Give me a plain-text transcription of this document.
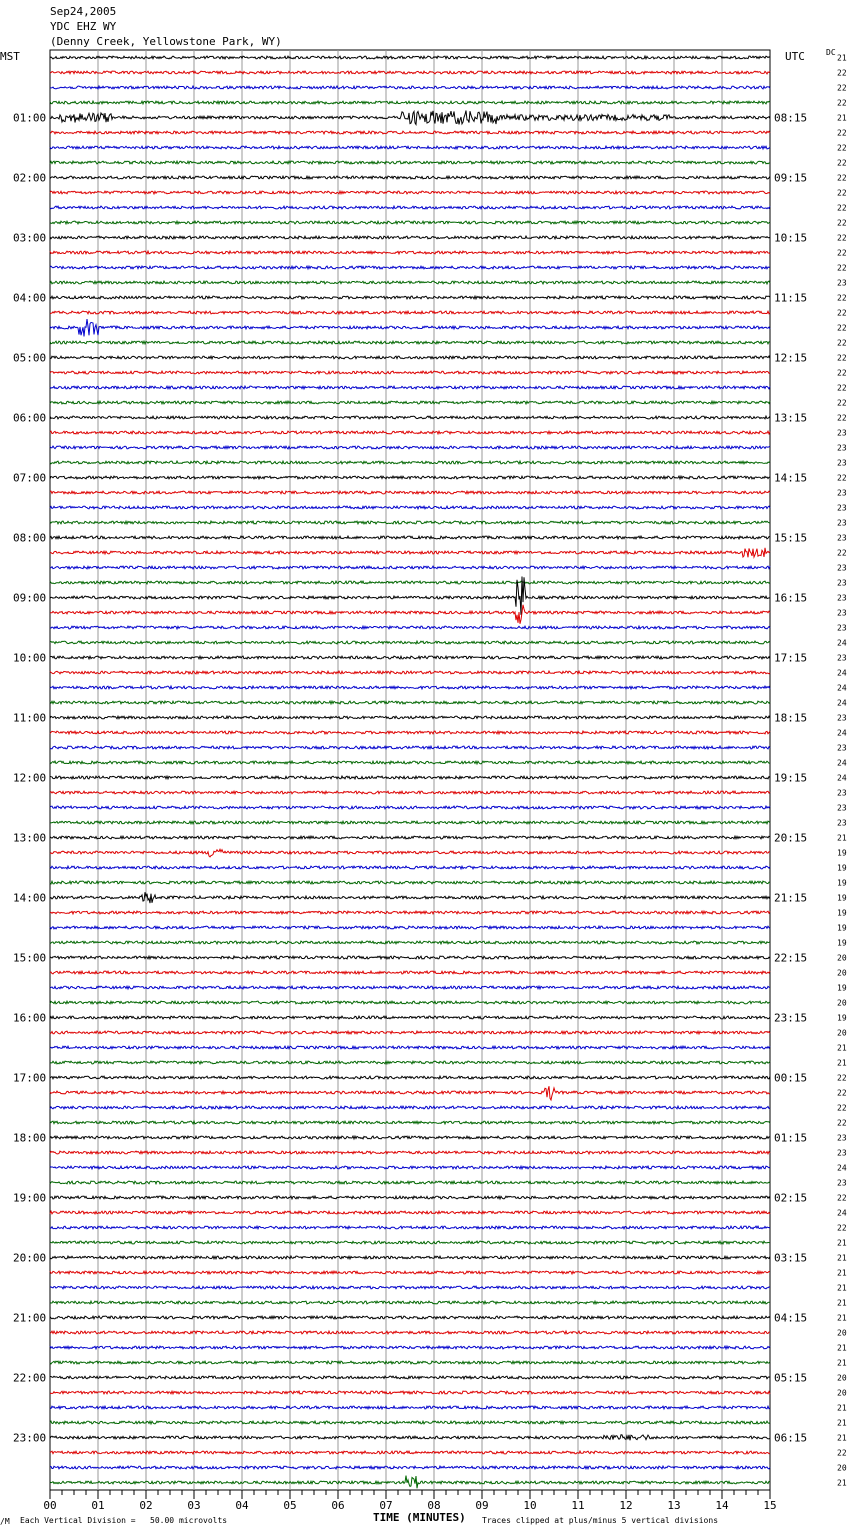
Sep24,2005
YDC EHZ WY
(Denny Creek, Yellowstone Park, WY)
MST	UTC	DC
21
22
22
22
21
22
22
22
22
22
22
22
22
22
22
23
22
22
22
22
22
22
22
22
22
23
23
23
22
23
23
23
23
22
23
23
23
23
23
24
23
24
24
24
23
24
23
24
24
23
23
23
21
19
19
19
19
19
19
19
20
20
19
20
19
20
21
21
22
22
22
22
23
23
24
23
22
24
22
21
21
21
21
21
21
20
21
21
20
20
21
21
21
22
20
21
01:00	08:15
02:00	09:15
03:00	10:15
04:00	11:15
05:00	12:15
06:00	13:15
07:00	14:15
08:00	15:15
09:00	16:15
10:00	17:15
11:00	18:15
12:00	19:15
13:00	20:15
14:00	21:15
15:00	22:15
16:00	23:15
17:00	00:15
18:00	01:15
19:00	02:15
20:00	03:15
21:00	04:15
22:00	05:15
23:00	06:15
00	01	02	03	04	05	06	07	08	09	10	11	12	13	14	15
TIME (MINUTES)
∕M Each Vertical Division =   50.00 microvolts	Traces clipped at plus/minus 5 vertical divisions
